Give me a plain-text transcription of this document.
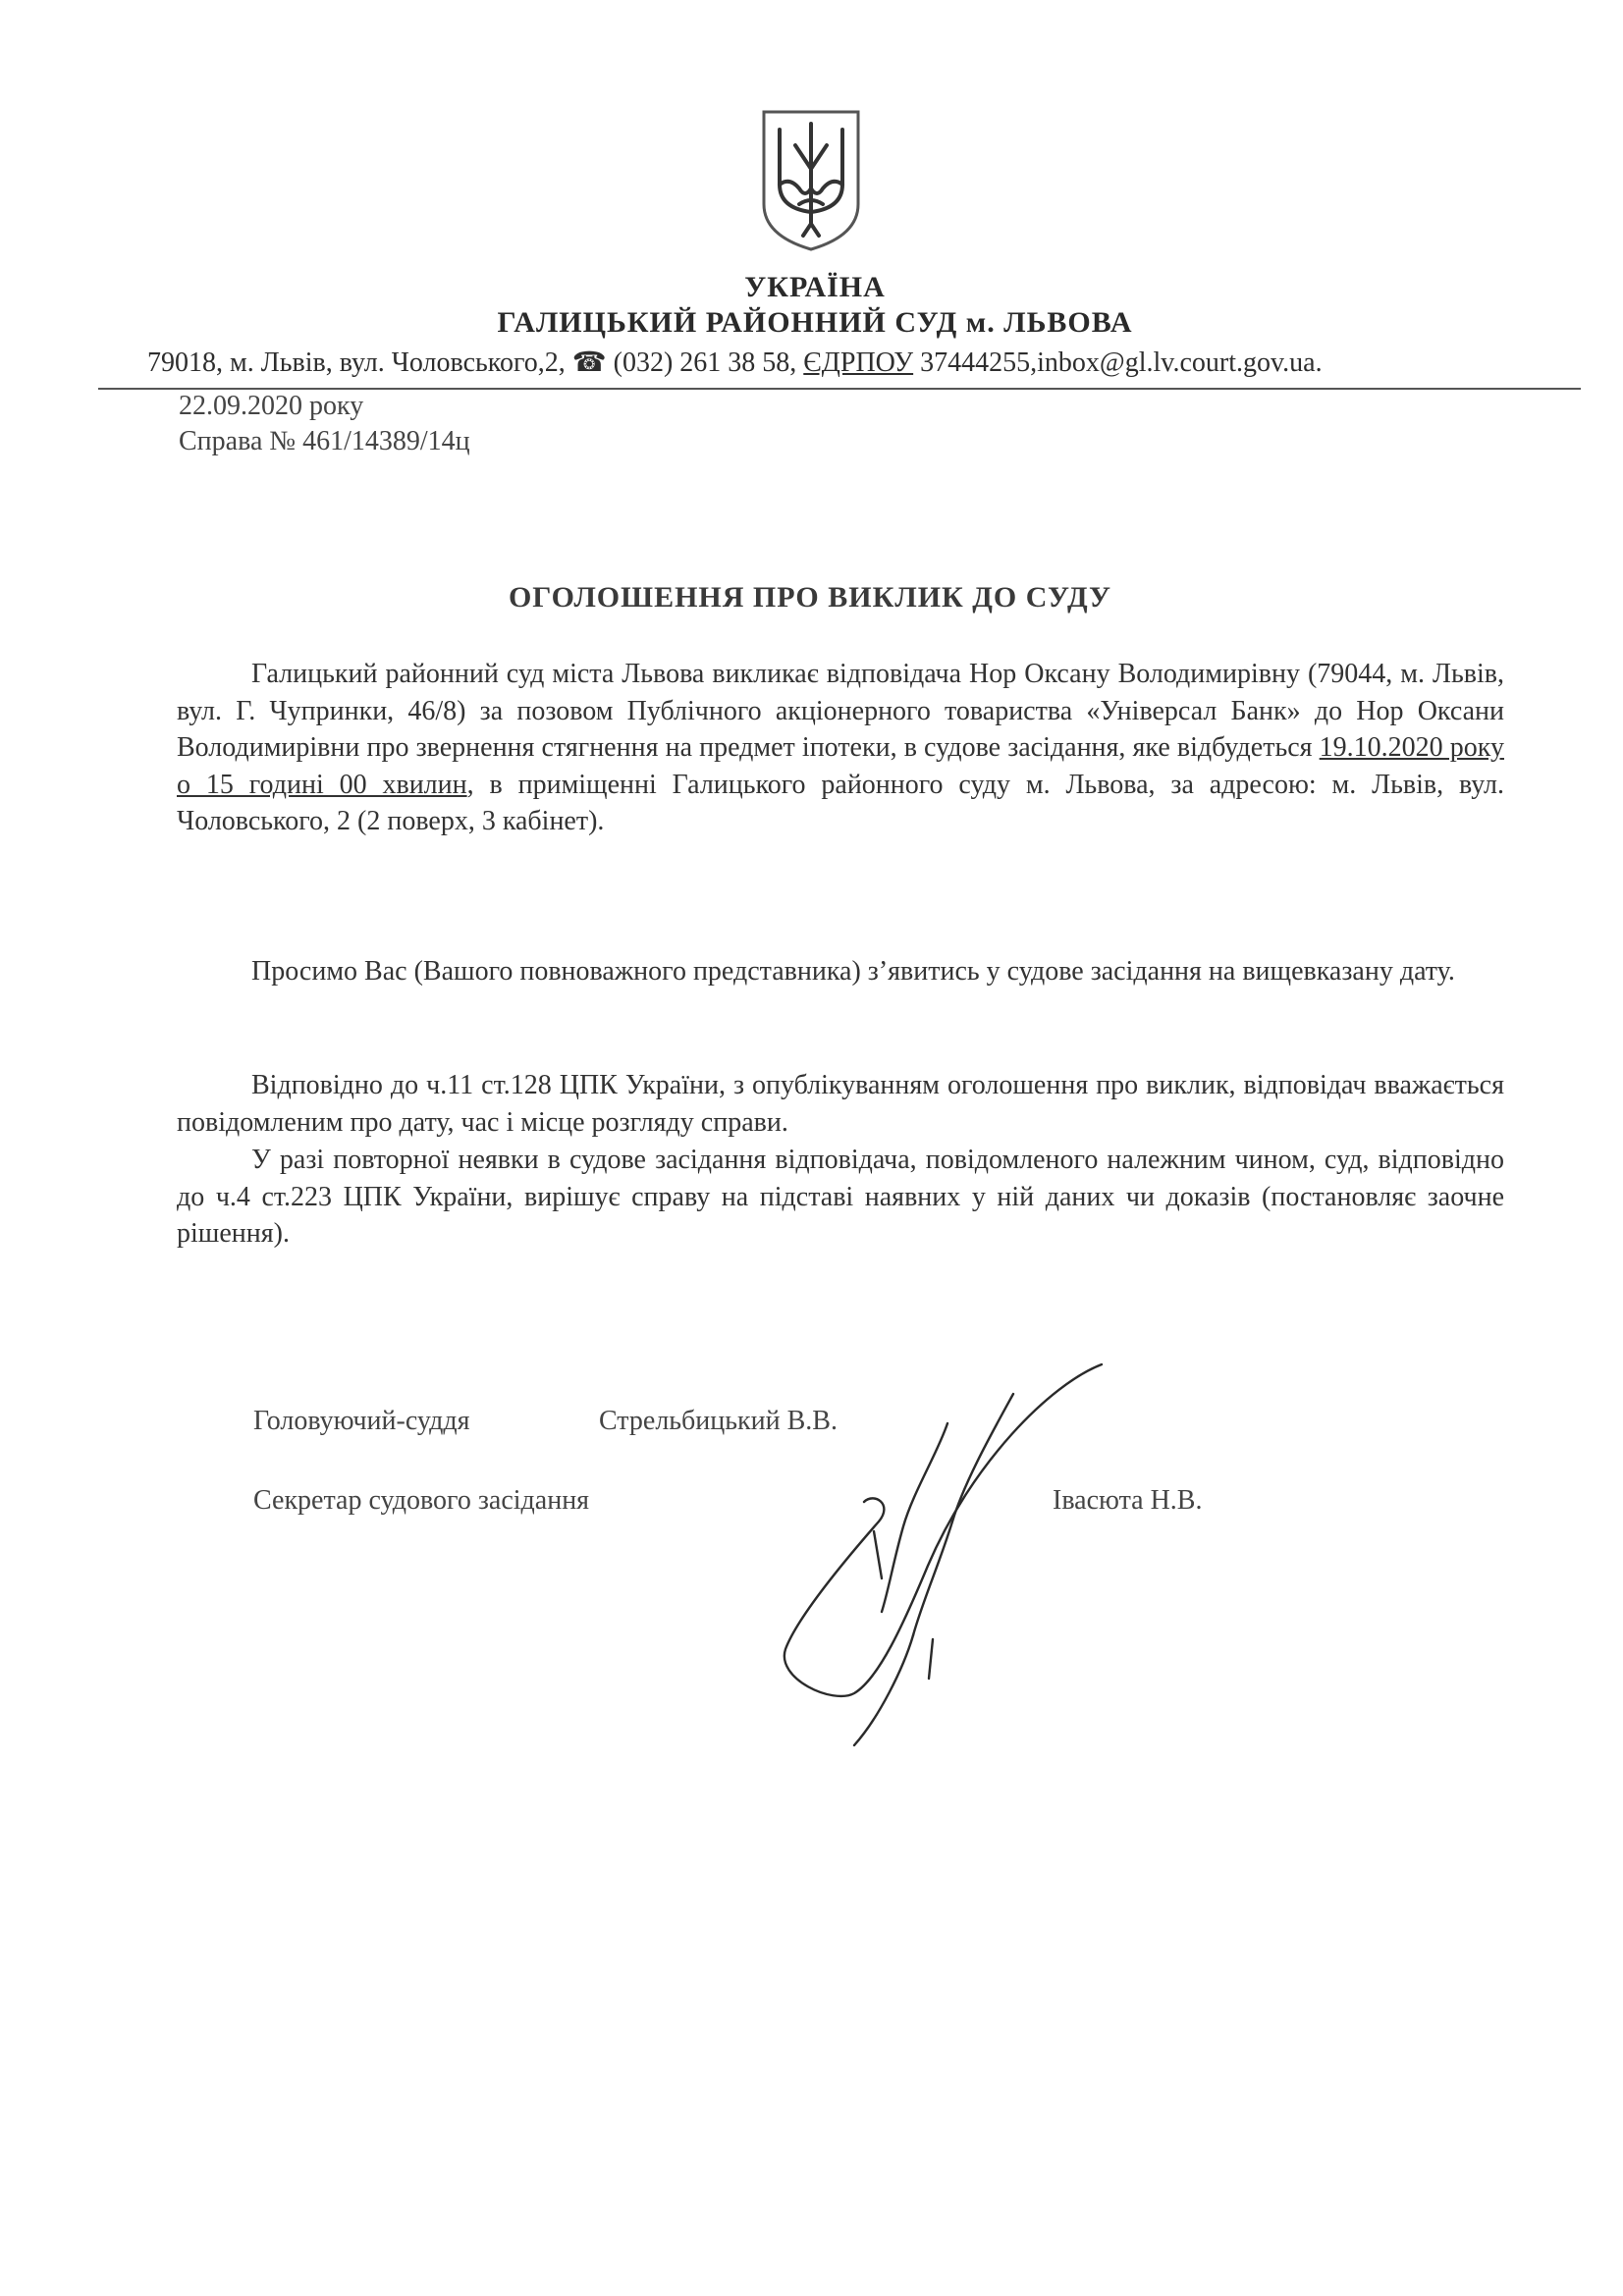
УКРАЇНА
ГАЛИЦЬКИЙ РАЙОННИЙ СУД м. ЛЬВОВА
79018, м. Львів, вул. Чоловського,2, ☎ (032) 261 38 58, ЄДРПОУ 37444255,inbox@gl.lv.court.gov.ua.
22.09.2020 року
Справа № 461/14389/14ц
ОГОЛОШЕННЯ ПРО ВИКЛИК ДО СУДУ
Галицький районний суд міста Львова викликає відповідача Нор Оксану Володимирівну (79044, м. Львів, вул. Г. Чупринки, 46/8) за позовом Публічного акціонерного товариства «Універсал Банк» до Нор Оксани Володимирівни про звернення стягнення на предмет іпотеки, в судове засідання, яке відбудеться 19.10.2020 року о 15 годині 00 хвилин, в приміщенні Галицького районного суду м. Львова, за адресою: м. Львів, вул. Чоловського, 2 (2 поверх, 3 кабінет).
Просимо Вас (Вашого повноважного представника) з’явитись у судове засідання на вищевказану дату.
Відповідно до ч.11 ст.128 ЦПК України, з опублікуванням оголошення про виклик, відповідач вважається повідомленим про дату, час і місце розгляду справи.
У разі повторної неявки в судове засідання відповідача, повідомленого належним чином, суд, відповідно до ч.4 ст.223 ЦПК України, вирішує справу на підставі наявних у ній даних чи доказів (постановляє заочне рішення).
Головуючий-суддя	Стрельбицький В.В.
Секретар судового засідання	Івасюта Н.В.
